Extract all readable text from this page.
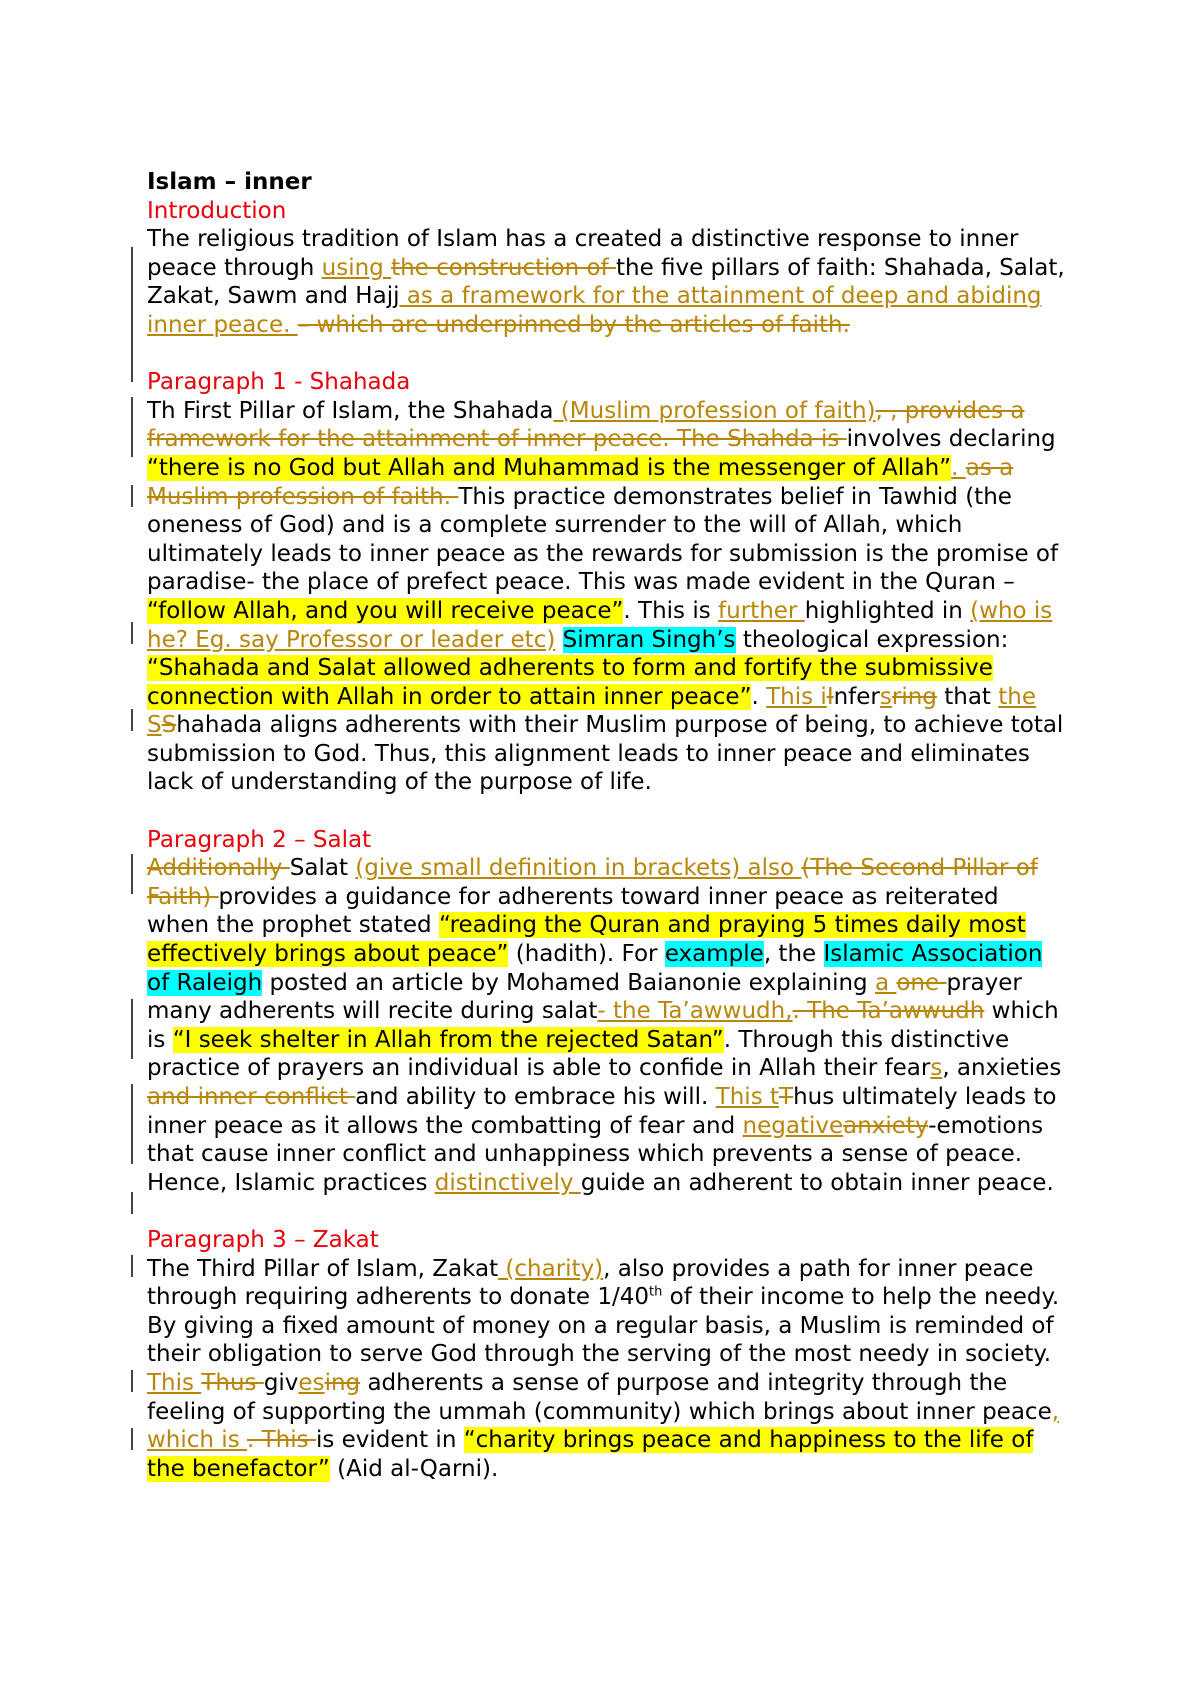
Islam – inner
Introduction

The religious tradition of Islam has a created a distinctive response to inner peace through using the construction of the five pillars of faith: Shahada, Salat, Zakat, Sawm and Hajj as a framework for the attainment of deep and abiding inner peace. – which are underpinned by the articles of faith.

Paragraph 1 - Shahada

Th First Pillar of Islam, the Shahada (Muslim profession of faith), , provides a framework for the attainment of inner peace. The Shahda is involves declaring “there is no God but Allah and Muhammad is the messenger of Allah”. as a Muslim profession of faith. This practice demonstrates belief in Tawhid (the oneness of God) and is a complete surrender to the will of Allah, which ultimately leads to inner peace as the rewards for submission is the promise of paradise- the place of prefect peace. This was made evident in the Quran – “follow Allah, and you will receive peace”. This is further highlighted in (who is he? Eg. say Professor or leader etc) Simran Singh’s theological expression: “Shahada and Salat allowed adherents to form and fortify the submissive connection with Allah in order to attain inner peace”. This iInfersring that the SShahada aligns adherents with their Muslim purpose of being, to achieve total submission to God. Thus, this alignment leads to inner peace and eliminates lack of understanding of the purpose of life.

Paragraph 2 – Salat

Additionally Salat (give small definition in brackets) also (The Second Pillar of Faith) provides a guidance for adherents toward inner peace as reiterated when the prophet stated “reading the Quran and praying 5 times daily most effectively brings about peace” (hadith). For example, the Islamic Association of Raleigh posted an article by Mohamed Baianonie explaining a one prayer many adherents will recite during salat- the Ta’awwudh,. The Ta’awwudh which is “I seek shelter in Allah from the rejected Satan”. Through this distinctive practice of prayers an individual is able to confide in Allah their fears, anxieties and inner conflict and ability to embrace his will. This tThus ultimately leads to inner peace as it allows the combatting of fear and negativeanxiety-emotions that cause inner conflict and unhappiness which prevents a sense of peace. Hence, Islamic practices distinctively guide an adherent to obtain inner peace.

Paragraph 3 – Zakat

The Third Pillar of Islam, Zakat (charity), also provides a path for inner peace through requiring adherents to donate 1/40th of their income to help the needy. By giving a fixed amount of money on a regular basis, a Muslim is reminded of their obligation to serve God through the serving of the most needy in society. This Thus givesing adherents a sense of purpose and integrity through the feeling of supporting the ummah (community) which brings about inner peace, which is . This is evident in “charity brings peace and happiness to the life of the benefactor” (Aid al-Qarni).
